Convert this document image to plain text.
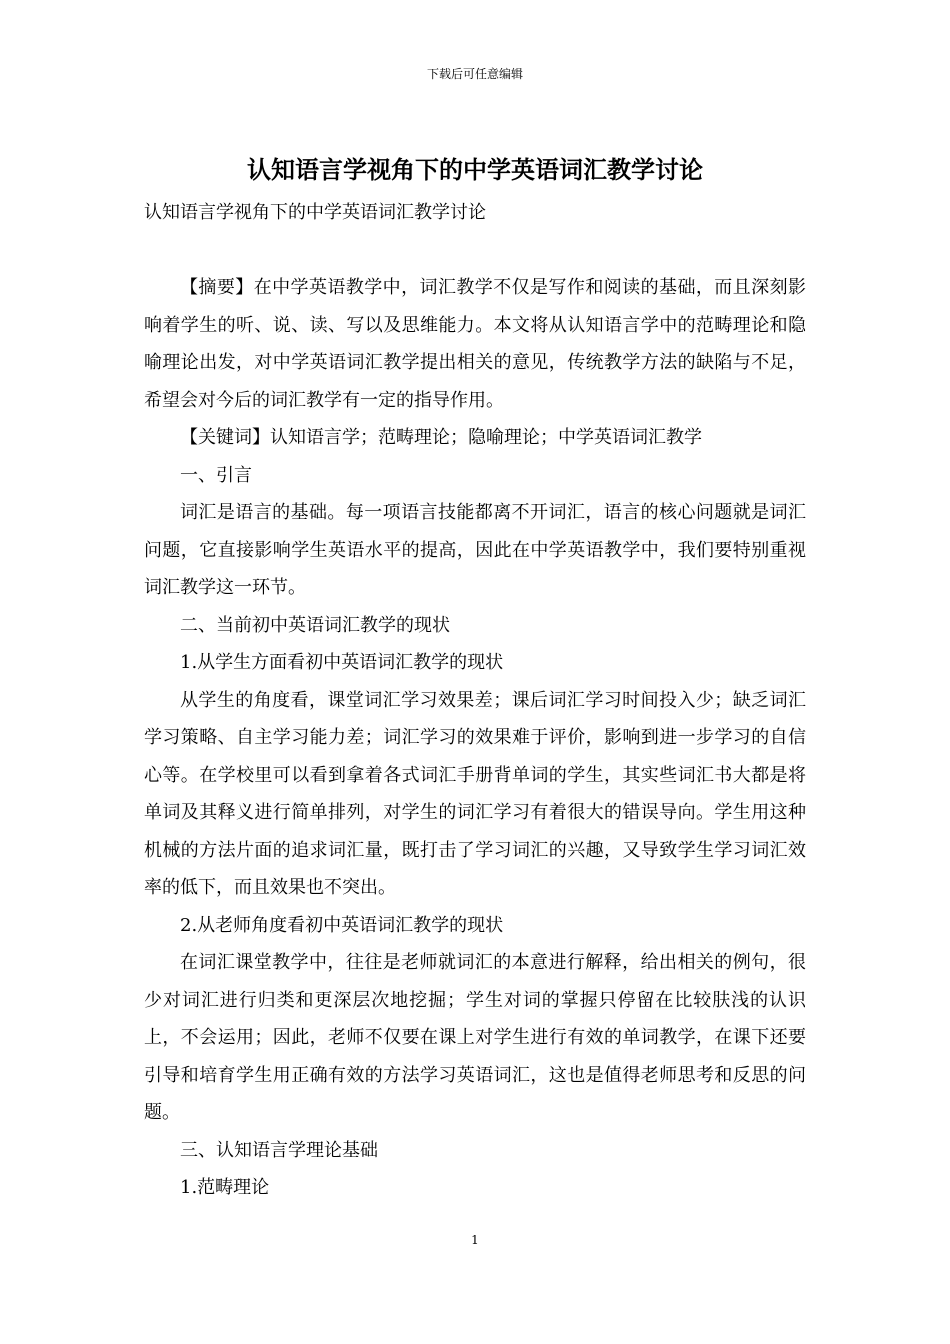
下载后可任意编辑
认知语言学视角下的中学英语词汇教学讨论
认知语言学视角下的中学英语词汇教学讨论

【摘要】在中学英语教学中，词汇教学不仅是写作和阅读的基础，而且深刻影响着学生的听、说、读、写以及思维能力。本文将从认知语言学中的范畴理论和隐喻理论出发，对中学英语词汇教学提出相关的意见，传统教学方法的缺陷与不足，希望会对今后的词汇教学有一定的指导作用。

【关键词】认知语言学；范畴理论；隐喻理论；中学英语词汇教学

一、引言

词汇是语言的基础。每一项语言技能都离不开词汇，语言的核心问题就是词汇问题，它直接影响学生英语水平的提高，因此在中学英语教学中，我们要特别重视词汇教学这一环节。

二、当前初中英语词汇教学的现状

1.从学生方面看初中英语词汇教学的现状

从学生的角度看，课堂词汇学习效果差；课后词汇学习时间投入少；缺乏词汇学习策略、自主学习能力差；词汇学习的效果难于评价，影响到进一步学习的自信心等。在学校里可以看到拿着各式词汇手册背单词的学生，其实些词汇书大都是将单词及其释义进行简单排列，对学生的词汇学习有着很大的错误导向。学生用这种机械的方法片面的追求词汇量，既打击了学习词汇的兴趣，又导致学生学习词汇效率的低下，而且效果也不突出。

2.从老师角度看初中英语词汇教学的现状

在词汇课堂教学中，往往是老师就词汇的本意进行解释，给出相关的例句，很少对词汇进行归类和更深层次地挖掘；学生对词的掌握只停留在比较肤浅的认识上，不会运用；因此，老师不仅要在课上对学生进行有效的单词教学，在课下还要引导和培育学生用正确有效的方法学习英语词汇，这也是值得老师思考和反思的问题。

三、认知语言学理论基础

1.范畴理论

1
